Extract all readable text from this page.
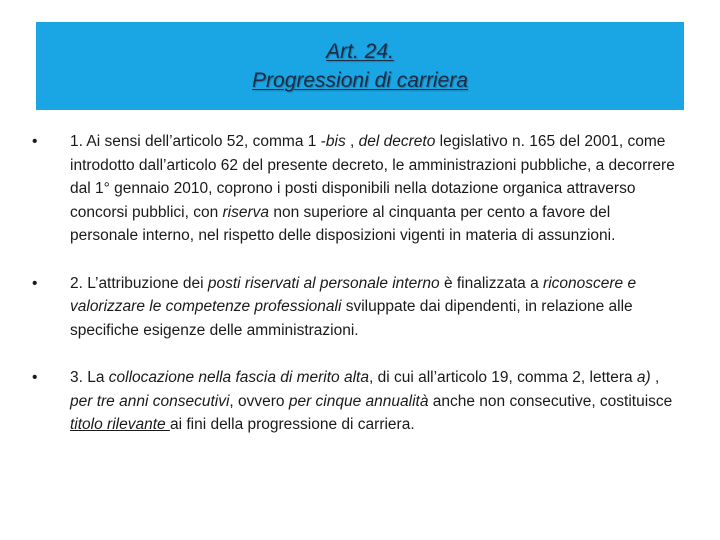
Art. 24.
Progressioni di carriera
•	1. Ai sensi dell’articolo 52, comma 1 -bis , del decreto legislativo n. 165 del 2001, come introdotto dall’articolo 62 del presente decreto, le amministrazioni pubbliche, a decorrere dal 1° gennaio 2010, coprono i posti disponibili nella dotazione organica attraverso concorsi pubblici, con riserva non superiore al cinquanta per cento a favore del personale interno, nel rispetto delle disposizioni vigenti in materia di assunzioni.
•	2. L’attribuzione dei posti riservati al personale interno è finalizzata a riconoscere e valorizzare le competenze professionali sviluppate dai dipendenti, in relazione alle specifiche esigenze delle amministrazioni.
•	3. La collocazione nella fascia di merito alta, di cui all’articolo 19, comma 2, lettera a) , per tre anni consecutivi, ovvero per cinque annualità anche non consecutive, costituisce titolo rilevante ai fini della progressione di carriera.
